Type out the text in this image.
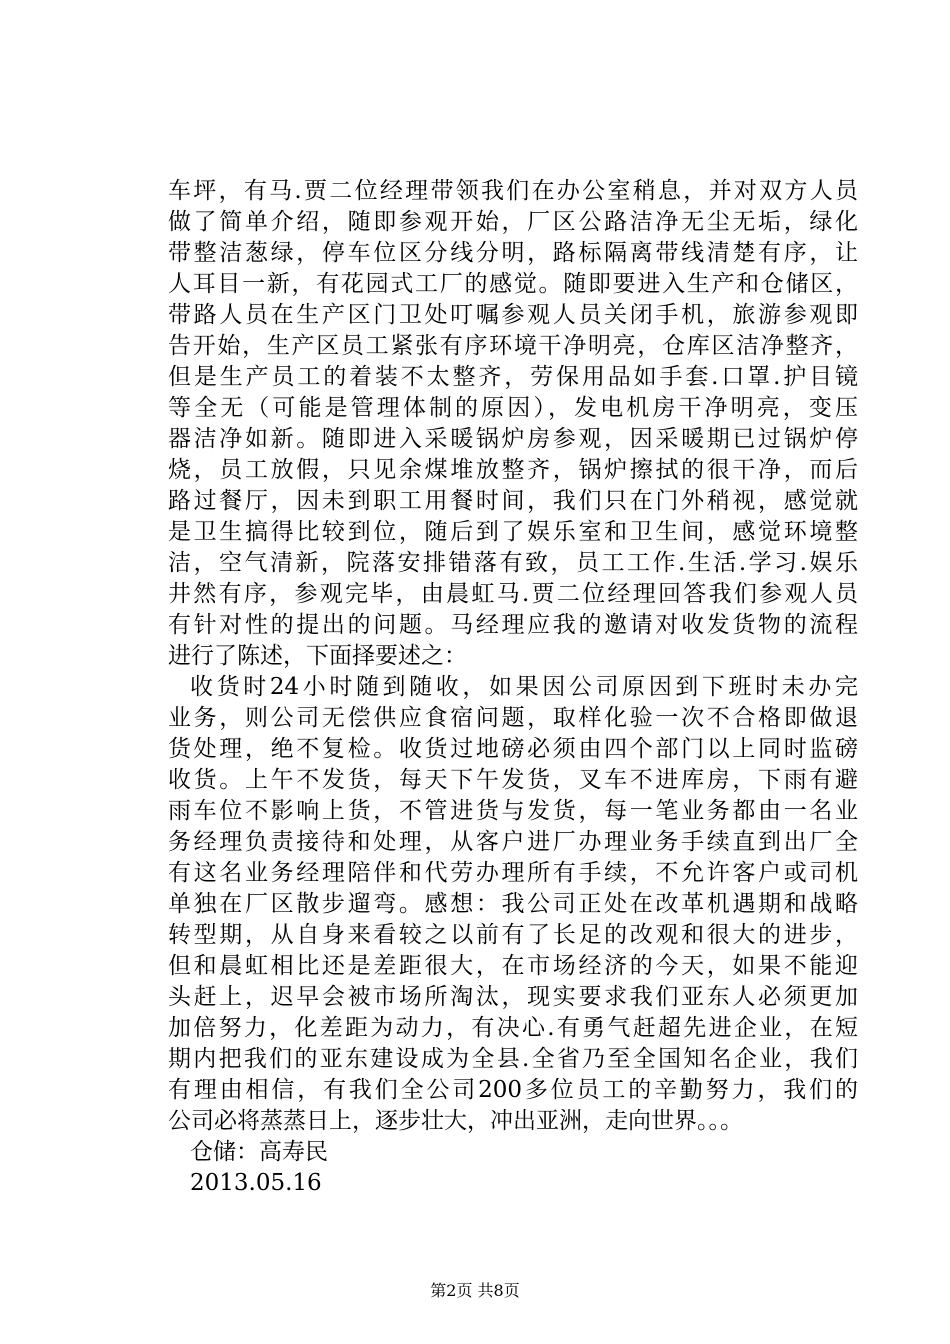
车坪，有马.贾二位经理带领我们在办公室稍息，并对双方人员
做了简单介绍，随即参观开始，厂区公路洁净无尘无垢，绿化
带整洁葱绿，停车位区分线分明，路标隔离带线清楚有序，让
人耳目一新，有花园式工厂的感觉。随即要进入生产和仓储区，
带路人员在生产区门卫处叮嘱参观人员关闭手机，旅游参观即
告开始，生产区员工紧张有序环境干净明亮，仓库区洁净整齐，
但是生产员工的着装不太整齐，劳保用品如手套.口罩.护目镜
等全无（可能是管理体制的原因），发电机房干净明亮，变压
器洁净如新。随即进入采暖锅炉房参观，因采暖期已过锅炉停
烧，员工放假，只见余煤堆放整齐，锅炉擦拭的很干净，而后
路过餐厅，因未到职工用餐时间，我们只在门外稍视，感觉就
是卫生搞得比较到位，随后到了娱乐室和卫生间，感觉环境整
洁，空气清新，院落安排错落有致，员工工作.生活.学习.娱乐
井然有序，参观完毕，由晨虹马.贾二位经理回答我们参观人员
有针对性的提出的问题。马经理应我的邀请对收发货物的流程
进行了陈述，下面择要述之：
收货时24小时随到随收，如果因公司原因到下班时未办完
业务，则公司无偿供应食宿问题，取样化验一次不合格即做退
货处理，绝不复检。收货过地磅必须由四个部门以上同时监磅
收货。上午不发货，每天下午发货，叉车不进库房，下雨有避
雨车位不影响上货，不管进货与发货，每一笔业务都由一名业
务经理负责接待和处理，从客户进厂办理业务手续直到出厂全
有这名业务经理陪伴和代劳办理所有手续，不允许客户或司机
单独在厂区散步遛弯。感想：我公司正处在改革机遇期和战略
转型期，从自身来看较之以前有了长足的改观和很大的进步，
但和晨虹相比还是差距很大，在市场经济的今天，如果不能迎
头赶上，迟早会被市场所淘汰，现实要求我们亚东人必须更加
加倍努力，化差距为动力，有决心.有勇气赶超先进企业，在短
期内把我们的亚东建设成为全县.全省乃至全国知名企业，我们
有理由相信，有我们全公司200多位员工的辛勤努力，我们的
公司必将蒸蒸日上，逐步壮大，冲出亚洲，走向世界。。。
仓储：高寿民
2013.05.16
第2页 共8页
